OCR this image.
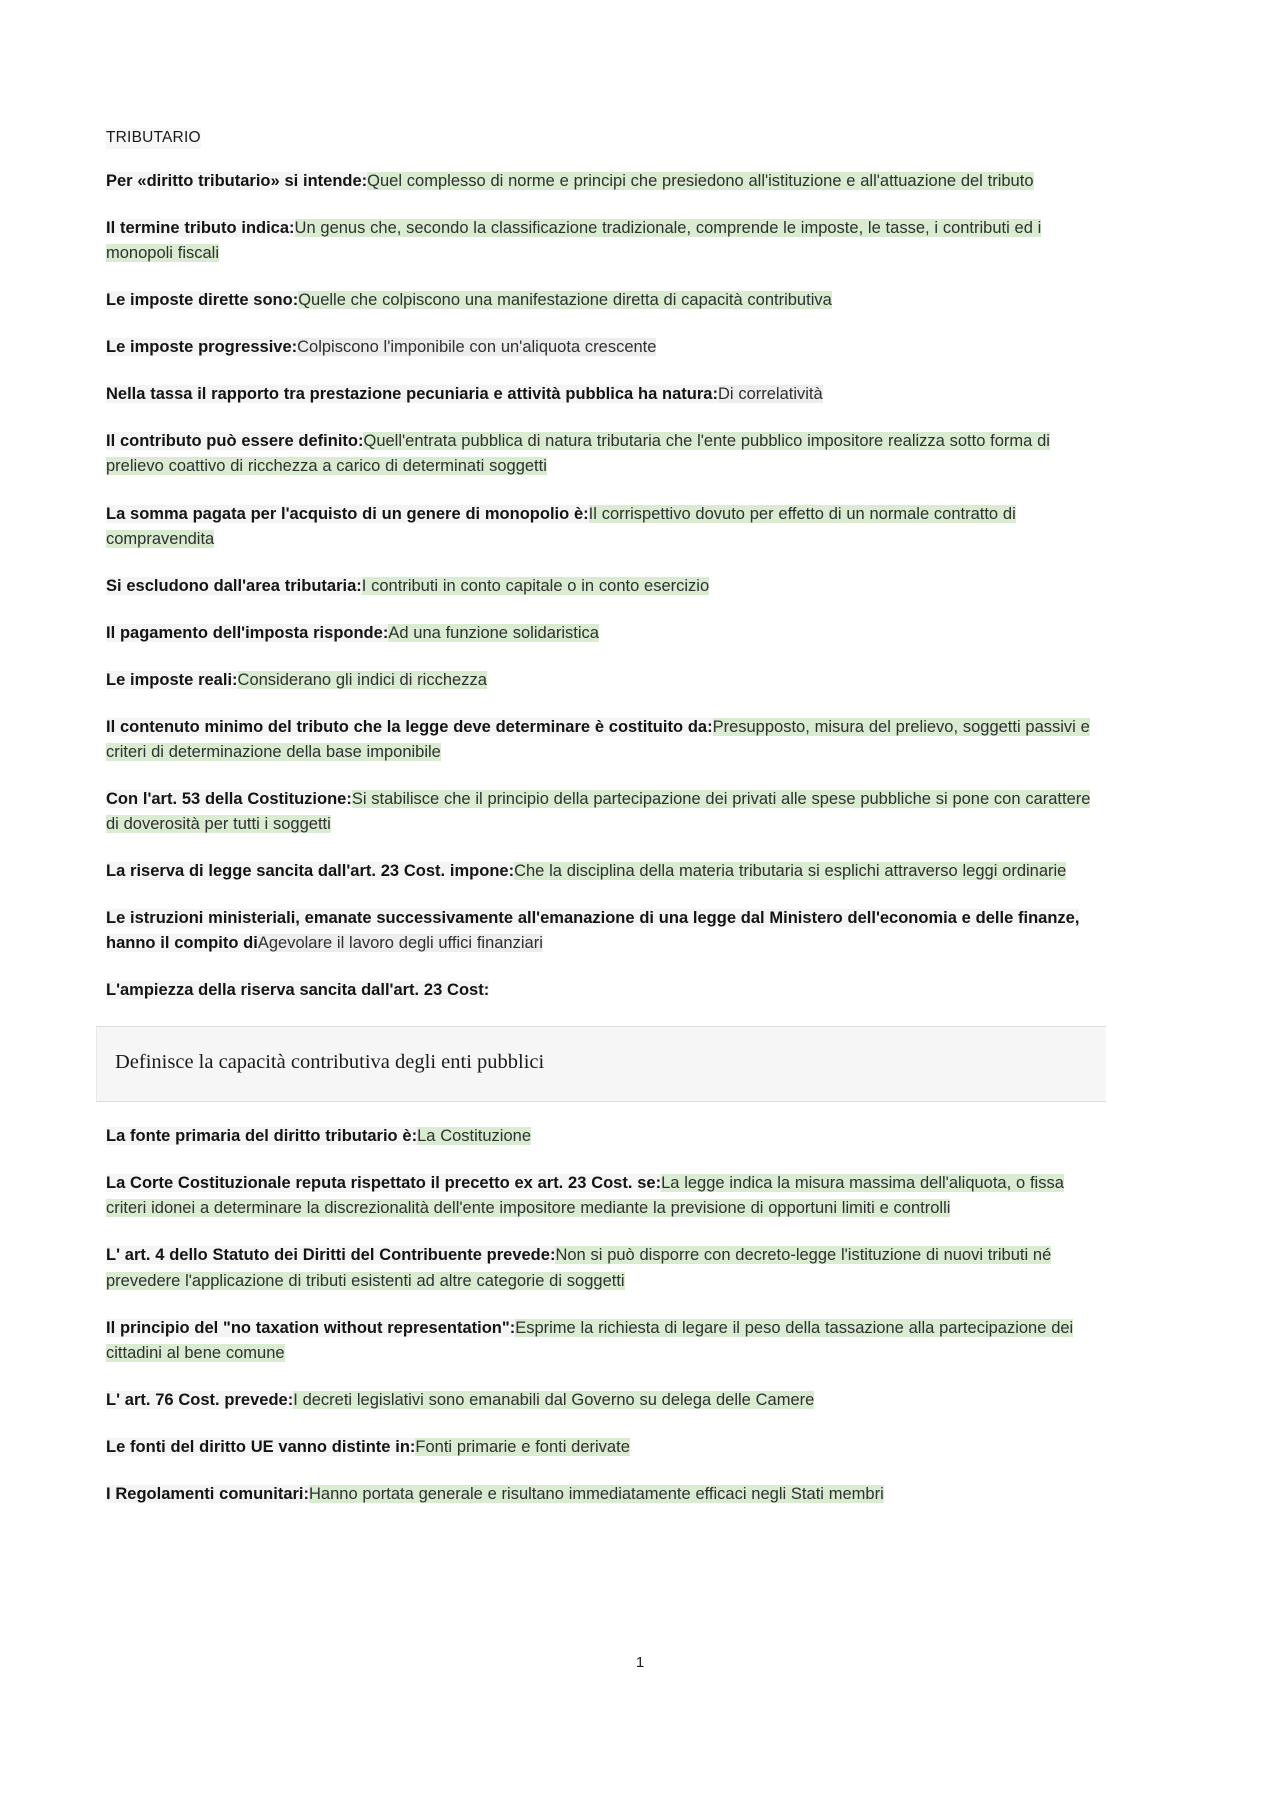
TRIBUTARIO

Per «diritto tributario» si intende:Quel complesso di norme e principi che presiedono all'istituzione e all'attuazione del tributo

Il termine tributo indica:Un genus che, secondo la classificazione tradizionale, comprende le imposte, le tasse, i contributi ed i monopoli fiscali

Le imposte dirette sono:Quelle che colpiscono una manifestazione diretta di capacità contributiva

Le imposte progressive:Colpiscono l'imponibile con un'aliquota crescente

Nella tassa il rapporto tra prestazione pecuniaria e attività pubblica ha natura:Di correlatività

Il contributo può essere definito:Quell'entrata pubblica di natura tributaria che l'ente pubblico impositore realizza sotto forma di prelievo coattivo di ricchezza a carico di determinati soggetti

La somma pagata per l'acquisto di un genere di monopolio è:Il corrispettivo dovuto per effetto di un normale contratto di compravendita

Si escludono dall'area tributaria:I contributi in conto capitale o in conto esercizio

Il pagamento dell'imposta risponde:Ad una funzione solidaristica

Le imposte reali:Considerano gli indici di ricchezza

Il contenuto minimo del tributo che la legge deve determinare è costituito da:Presupposto, misura del prelievo, soggetti passivi e criteri di determinazione della base imponibile

Con l'art. 53 della Costituzione:Si stabilisce che il principio della partecipazione dei privati alle spese pubbliche si pone con carattere di doverosità per tutti i soggetti

La riserva di legge sancita dall'art. 23 Cost. impone:Che la disciplina della materia tributaria si esplichi attraverso leggi ordinarie

Le istruzioni ministeriali, emanate successivamente all'emanazione di una legge dal Ministero dell'economia e delle finanze, hanno il compito diAgevolare il lavoro degli uffici finanziari

L'ampiezza della riserva sancita dall'art. 23 Cost:

Definisce la capacità contributiva degli enti pubblici

La fonte primaria del diritto tributario è:La Costituzione

La Corte Costituzionale reputa rispettato il precetto ex art. 23 Cost. se:La legge indica la misura massima dell'aliquota, o fissa criteri idonei a determinare la discrezionalità dell'ente impositore mediante la previsione di opportuni limiti e controlli

L' art. 4 dello Statuto dei Diritti del Contribuente prevede:Non si può disporre con decreto-legge l'istituzione di nuovi tributi né prevedere l'applicazione di tributi esistenti ad altre categorie di soggetti

Il principio del "no taxation without representation":Esprime la richiesta di legare il peso della tassazione alla partecipazione dei cittadini al bene comune

L' art. 76 Cost. prevede:I decreti legislativi sono emanabili dal Governo su delega delle Camere

Le fonti del diritto UE vanno distinte in:Fonti primarie e fonti derivate

I Regolamenti comunitari:Hanno portata generale e risultano immediatamente efficaci negli Stati membri

1
